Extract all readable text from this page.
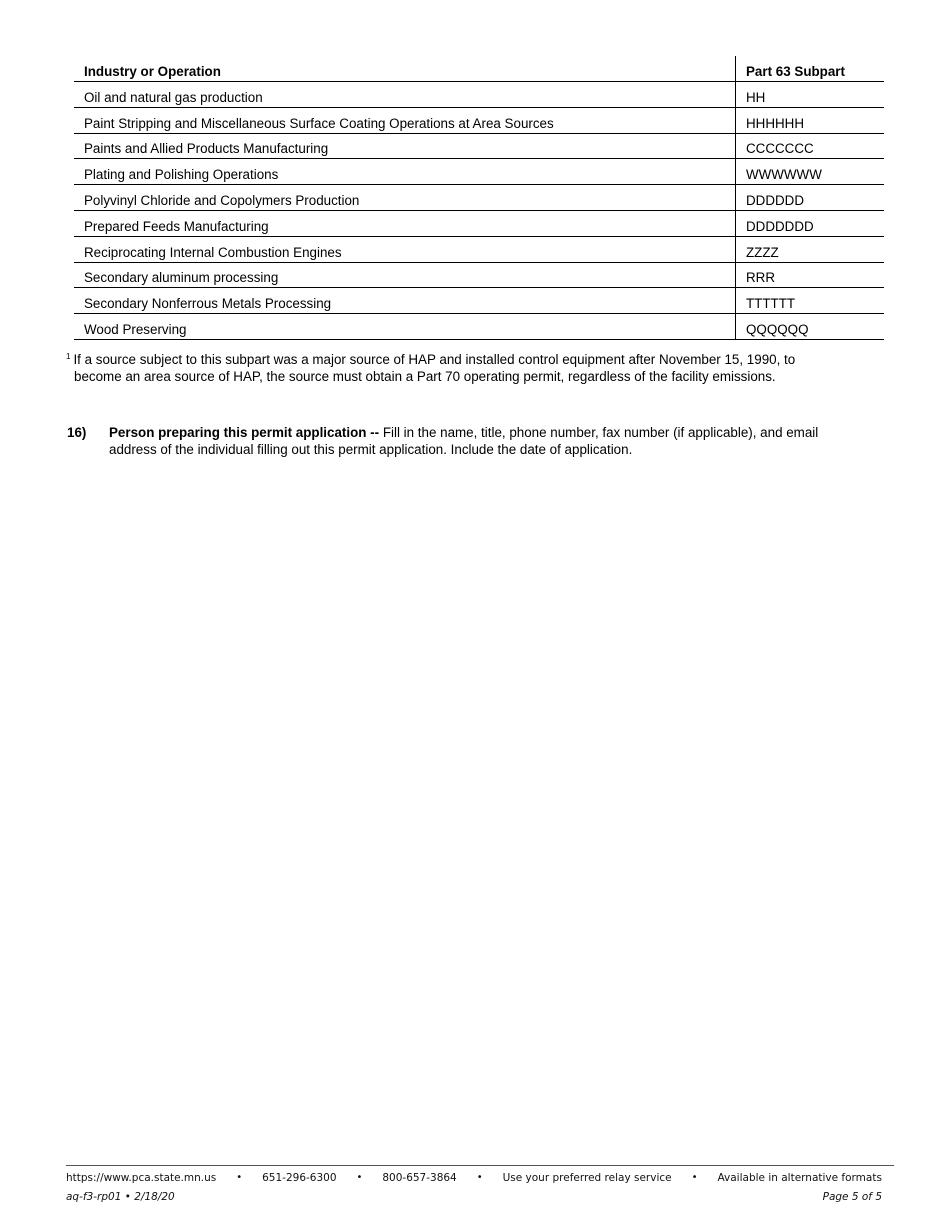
Industry or Operation	Part 63 Subpart
Oil and natural gas production	HH
Paint Stripping and Miscellaneous Surface Coating Operations at Area Sources	HHHHHH
Paints and Allied Products Manufacturing	CCCCCCC
Plating and Polishing Operations	WWWWWW
Polyvinyl Chloride and Copolymers Production	DDDDDD
Prepared Feeds Manufacturing	DDDDDDD
Reciprocating Internal Combustion Engines	ZZZZ
Secondary aluminum processing	RRR
Secondary Nonferrous Metals Processing	TTTTTT
Wood Preserving	QQQQQQ
$^1$ If a source subject to this subpart was a major source of HAP and installed control equipment after November 15, 1990, to
become an area source of HAP, the source must obtain a Part 70 operating permit, regardless of the facility emissions.
16)	Person preparing this permit application -- Fill in the name, title, phone number, fax number (if applicable), and email address of the individual filling out this permit application. Include the date of application.
https://www.pca.state.mn.us • 651-296-6300 • 800-657-3864 • Use your preferred relay service • Available in alternative formats
aq-f3-rp01 • 2/18/20	Page 5 of 5
